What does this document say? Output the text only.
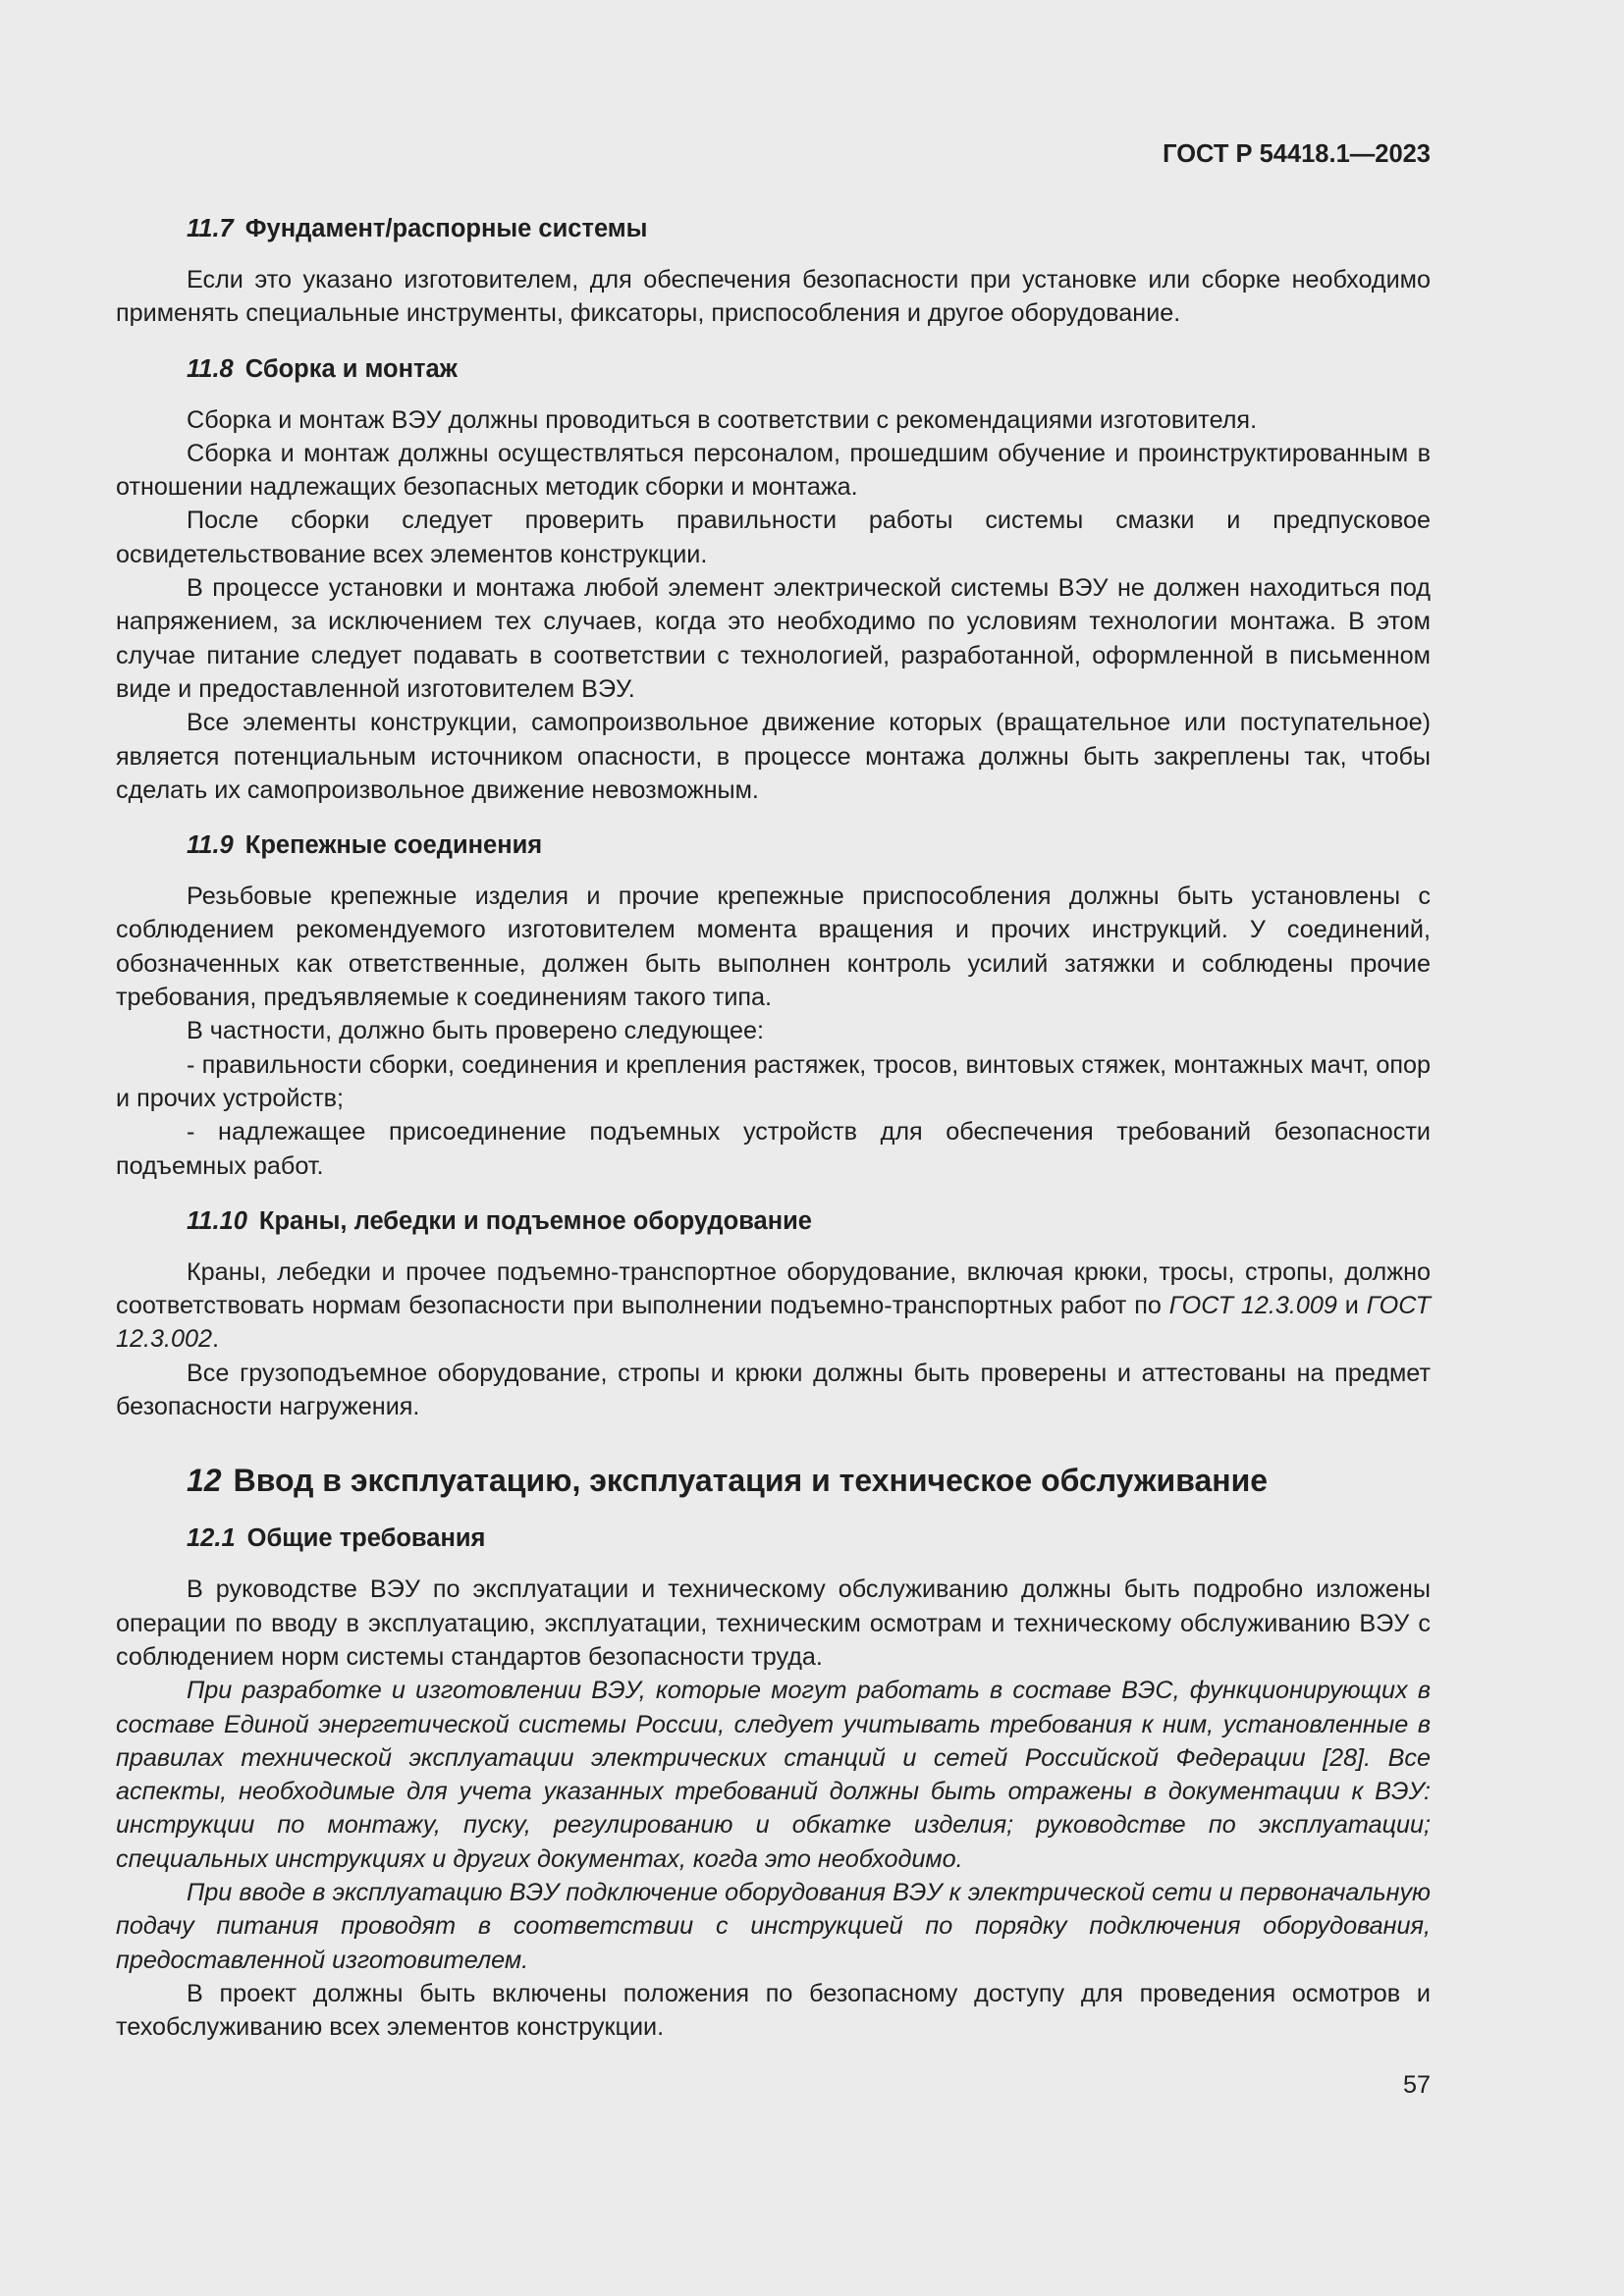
ГОСТ Р 54418.1—2023
11.7 Фундамент/распорные системы

Если это указано изготовителем, для обеспечения безопасности при установке или сборке необходимо применять специальные инструменты, фиксаторы, приспособления и другое оборудование.

11.8 Сборка и монтаж

Сборка и монтаж ВЭУ должны проводиться в соответствии с рекомендациями изготовителя.

Сборка и монтаж должны осуществляться персоналом, прошедшим обучение и проинструктированным в отношении надлежащих безопасных методик сборки и монтажа.

После сборки следует проверить правильности работы системы смазки и предпусковое освидетельствование всех элементов конструкции.

В процессе установки и монтажа любой элемент электрической системы ВЭУ не должен находиться под напряжением, за исключением тех случаев, когда это необходимо по условиям технологии монтажа. В этом случае питание следует подавать в соответствии с технологией, разработанной, оформленной в письменном виде и предоставленной изготовителем ВЭУ.

Все элементы конструкции, самопроизвольное движение которых (вращательное или поступательное) является потенциальным источником опасности, в процессе монтажа должны быть закреплены так, чтобы сделать их самопроизвольное движение невозможным.

11.9 Крепежные соединения

Резьбовые крепежные изделия и прочие крепежные приспособления должны быть установлены с соблюдением рекомендуемого изготовителем момента вращения и прочих инструкций. У соединений, обозначенных как ответственные, должен быть выполнен контроль усилий затяжки и соблюдены прочие требования, предъявляемые к соединениям такого типа.

В частности, должно быть проверено следующее:

- правильности сборки, соединения и крепления растяжек, тросов, винтовых стяжек, монтажных мачт, опор и прочих устройств;

- надлежащее присоединение подъемных устройств для обеспечения требований безопасности подъемных работ.

11.10 Краны, лебедки и подъемное оборудование

Краны, лебедки и прочее подъемно-транспортное оборудование, включая крюки, тросы, стропы, должно соответствовать нормам безопасности при выполнении подъемно-транспортных работ по ГОСТ 12.3.009 и ГОСТ 12.3.002.

Все грузоподъемное оборудование, стропы и крюки должны быть проверены и аттестованы на предмет безопасности нагружения.

12 Ввод в эксплуатацию, эксплуатация и техническое обслуживание
12.1 Общие требования

В руководстве ВЭУ по эксплуатации и техническому обслуживанию должны быть подробно изложены операции по вводу в эксплуатацию, эксплуатации, техническим осмотрам и техническому обслуживанию ВЭУ с соблюдением норм системы стандартов безопасности труда.

При разработке и изготовлении ВЭУ, которые могут работать в составе ВЭС, функционирующих в составе Единой энергетической системы России, следует учитывать требования к ним, установленные в правилах технической эксплуатации электрических станций и сетей Российской Федерации [28]. Все аспекты, необходимые для учета указанных требований должны быть отражены в документации к ВЭУ: инструкции по монтажу, пуску, регулированию и обкатке изделия; руководстве по эксплуатации; специальных инструкциях и других документах, когда это необходимо.

При вводе в эксплуатацию ВЭУ подключение оборудования ВЭУ к электрической сети и первоначальную подачу питания проводят в соответствии с инструкцией по порядку подключения оборудования, предоставленной изготовителем.

В проект должны быть включены положения по безопасному доступу для проведения осмотров и техобслуживанию всех элементов конструкции.

57
